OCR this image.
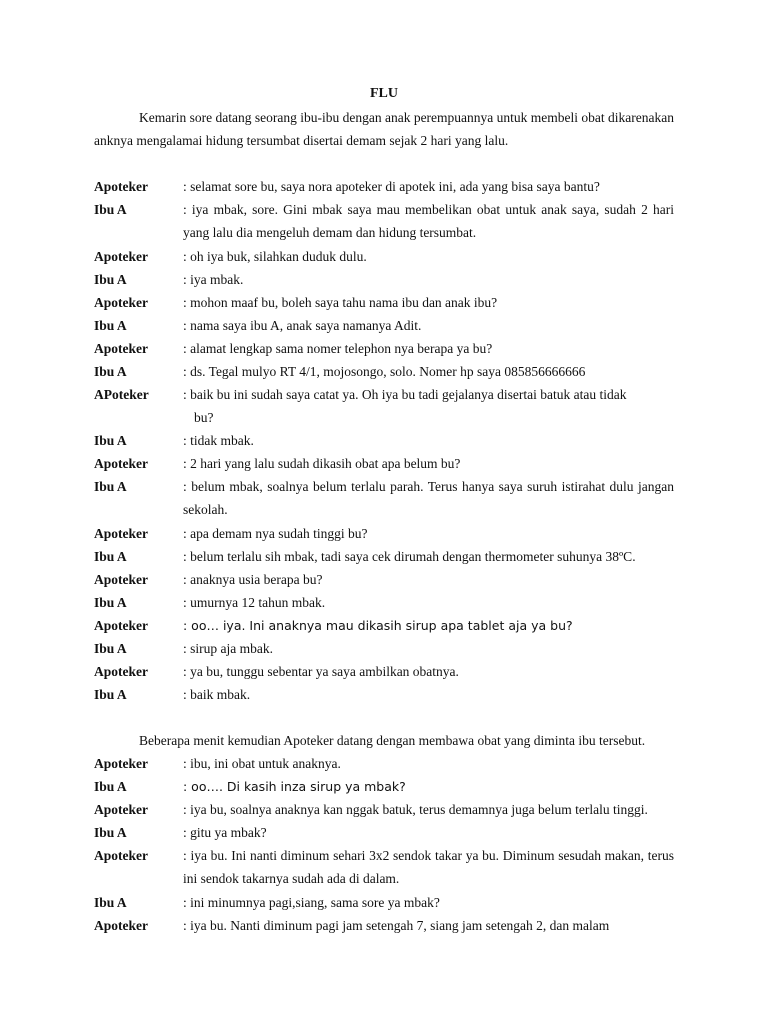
FLU
Kemarin sore datang seorang ibu-ibu dengan anak perempuannya untuk membeli obat dikarenakan anknya mengalamai hidung tersumbat disertai demam sejak 2 hari yang lalu.
Apoteker	: selamat sore bu, saya nora apoteker di apotek ini, ada yang bisa saya bantu?
Ibu A	: iya mbak, sore. Gini mbak saya mau membelikan obat untuk anak saya, sudah 2 hari yang lalu dia mengeluh demam dan hidung tersumbat.
Apoteker	: oh iya buk, silahkan duduk dulu.
Ibu A	: iya mbak.
Apoteker	: mohon maaf bu, boleh saya tahu nama ibu dan anak ibu?
Ibu A	: nama saya ibu A, anak saya namanya Adit.
Apoteker	: alamat lengkap sama nomer telephon nya berapa ya bu?
Ibu A	: ds. Tegal mulyo RT 4/1, mojosongo, solo. Nomer hp saya 085856666666
APoteker	: baik bu ini sudah saya catat ya. Oh iya bu tadi gejalanya disertai batuk atau tidak
bu?
Ibu A	: tidak mbak.
Apoteker	: 2 hari yang lalu sudah dikasih obat apa belum bu?
Ibu A	: belum mbak, soalnya belum terlalu parah. Terus hanya saya suruh istirahat dulu jangan sekolah.
Apoteker	: apa demam nya sudah tinggi bu?
Ibu A	: belum terlalu sih mbak, tadi saya cek dirumah dengan thermometer suhunya 38ºC.
Apoteker	: anaknya usia berapa bu?
Ibu A	: umurnya 12 tahun mbak.
Apoteker	: oo… iya. Ini anaknya mau dikasih sirup apa tablet aja ya bu?
Ibu A	: sirup aja mbak.
Apoteker	: ya bu, tunggu sebentar ya saya ambilkan obatnya.
Ibu A	: baik mbak.
Beberapa menit kemudian Apoteker datang dengan membawa obat yang diminta ibu tersebut.
Apoteker	: ibu, ini obat untuk anaknya.
Ibu A	: oo…. Di kasih inza sirup ya mbak?
Apoteker	: iya bu, soalnya anaknya kan nggak batuk, terus demamnya juga belum terlalu tinggi.
Ibu A	: gitu ya mbak?
Apoteker	: iya bu. Ini nanti diminum sehari 3x2 sendok takar ya bu. Diminum sesudah makan, terus ini sendok takarnya sudah ada di dalam.
Ibu A	: ini minumnya pagi,siang, sama sore ya mbak?
Apoteker	: iya bu. Nanti diminum pagi jam setengah 7, siang jam setengah 2, dan malam
